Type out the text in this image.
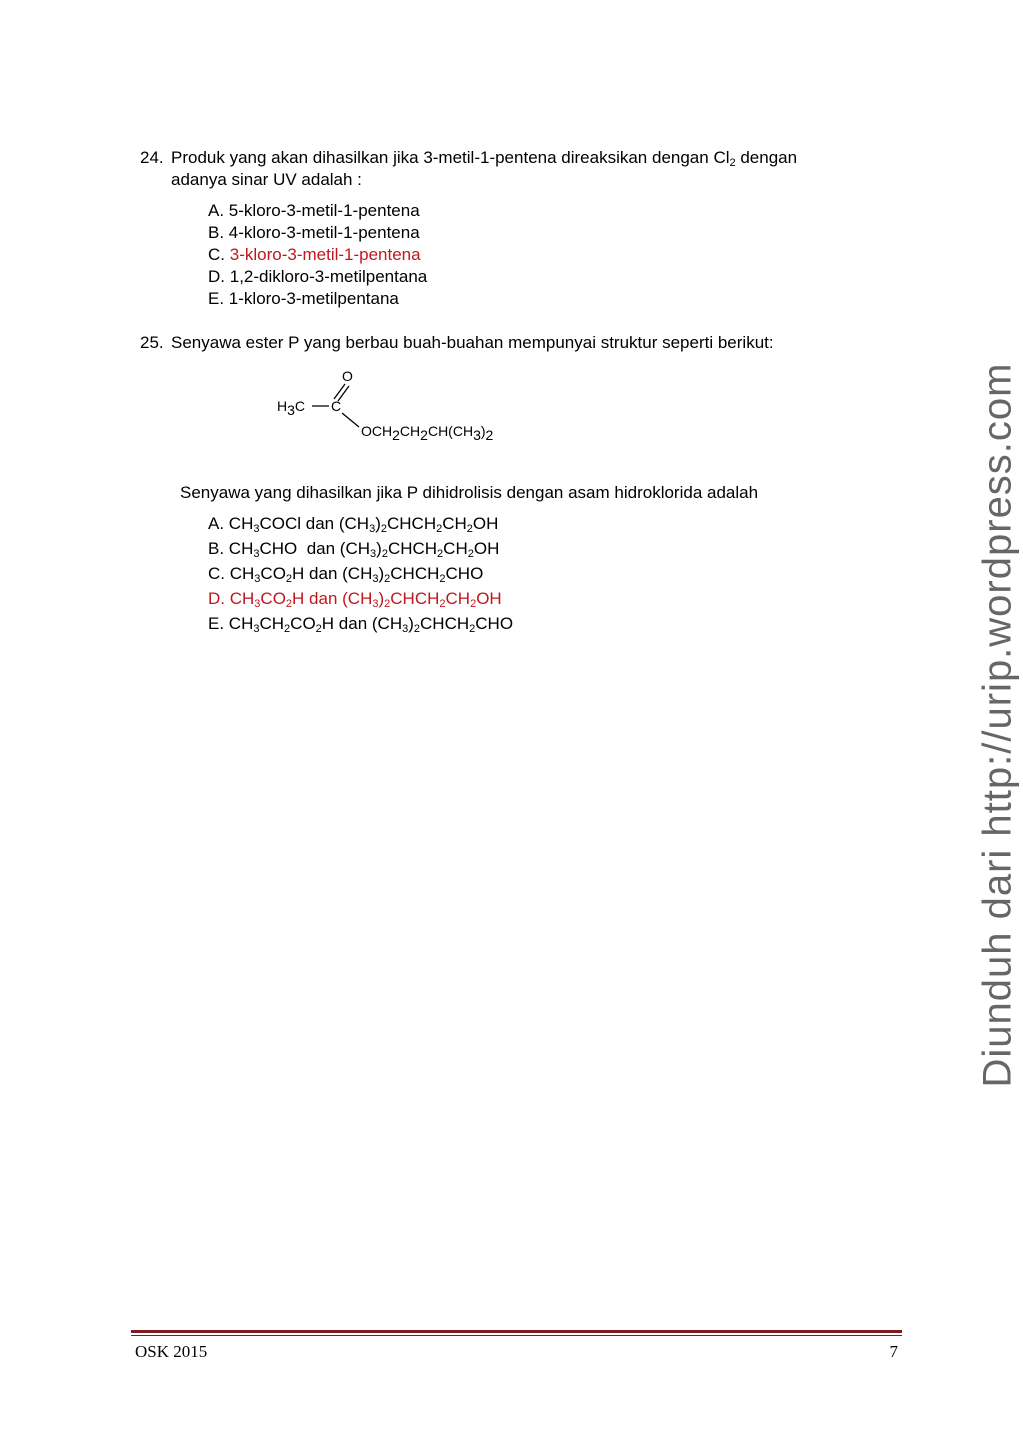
24. Produk yang akan dihasilkan jika 3-metil-1-pentena direaksikan dengan $Cl_2$ dengan
adanya sinar UV adalah :
A. 5-kloro-3-metil-1-pentena
B. 4-kloro-3-metil-1-pentena
C. 3-kloro-3-metil-1-pentena
D. 1,2-dikloro-3-metilpentana
E. 1-kloro-3-metilpentana
25. Senyawa ester P yang berbau buah-buahan mempunyai struktur seperti berikut:
O
H3C C
OCH2CH2CH(CH3)2
Senyawa yang dihasilkan jika P dihidrolisis dengan asam hidroklorida adalah
A. $CH_3COCl$ dan $(CH_3)_2CHCH_2CH_2OH$
B. $CH_3CHO$  dan $(CH_3)_2CHCH_2CH_2OH$
C. $CH_3CO_2H$ dan $(CH_3)_2CHCH_2CHO$
D. $CH_3CO_2H$ dan $(CH_3)_2CHCH_2CH_2OH$
E. $CH_3CH_2CO_2H$ dan $(CH_3)_2CHCH_2CHO$	Diunduh dari http://urip.wordpress.com
OSK 2015	7
